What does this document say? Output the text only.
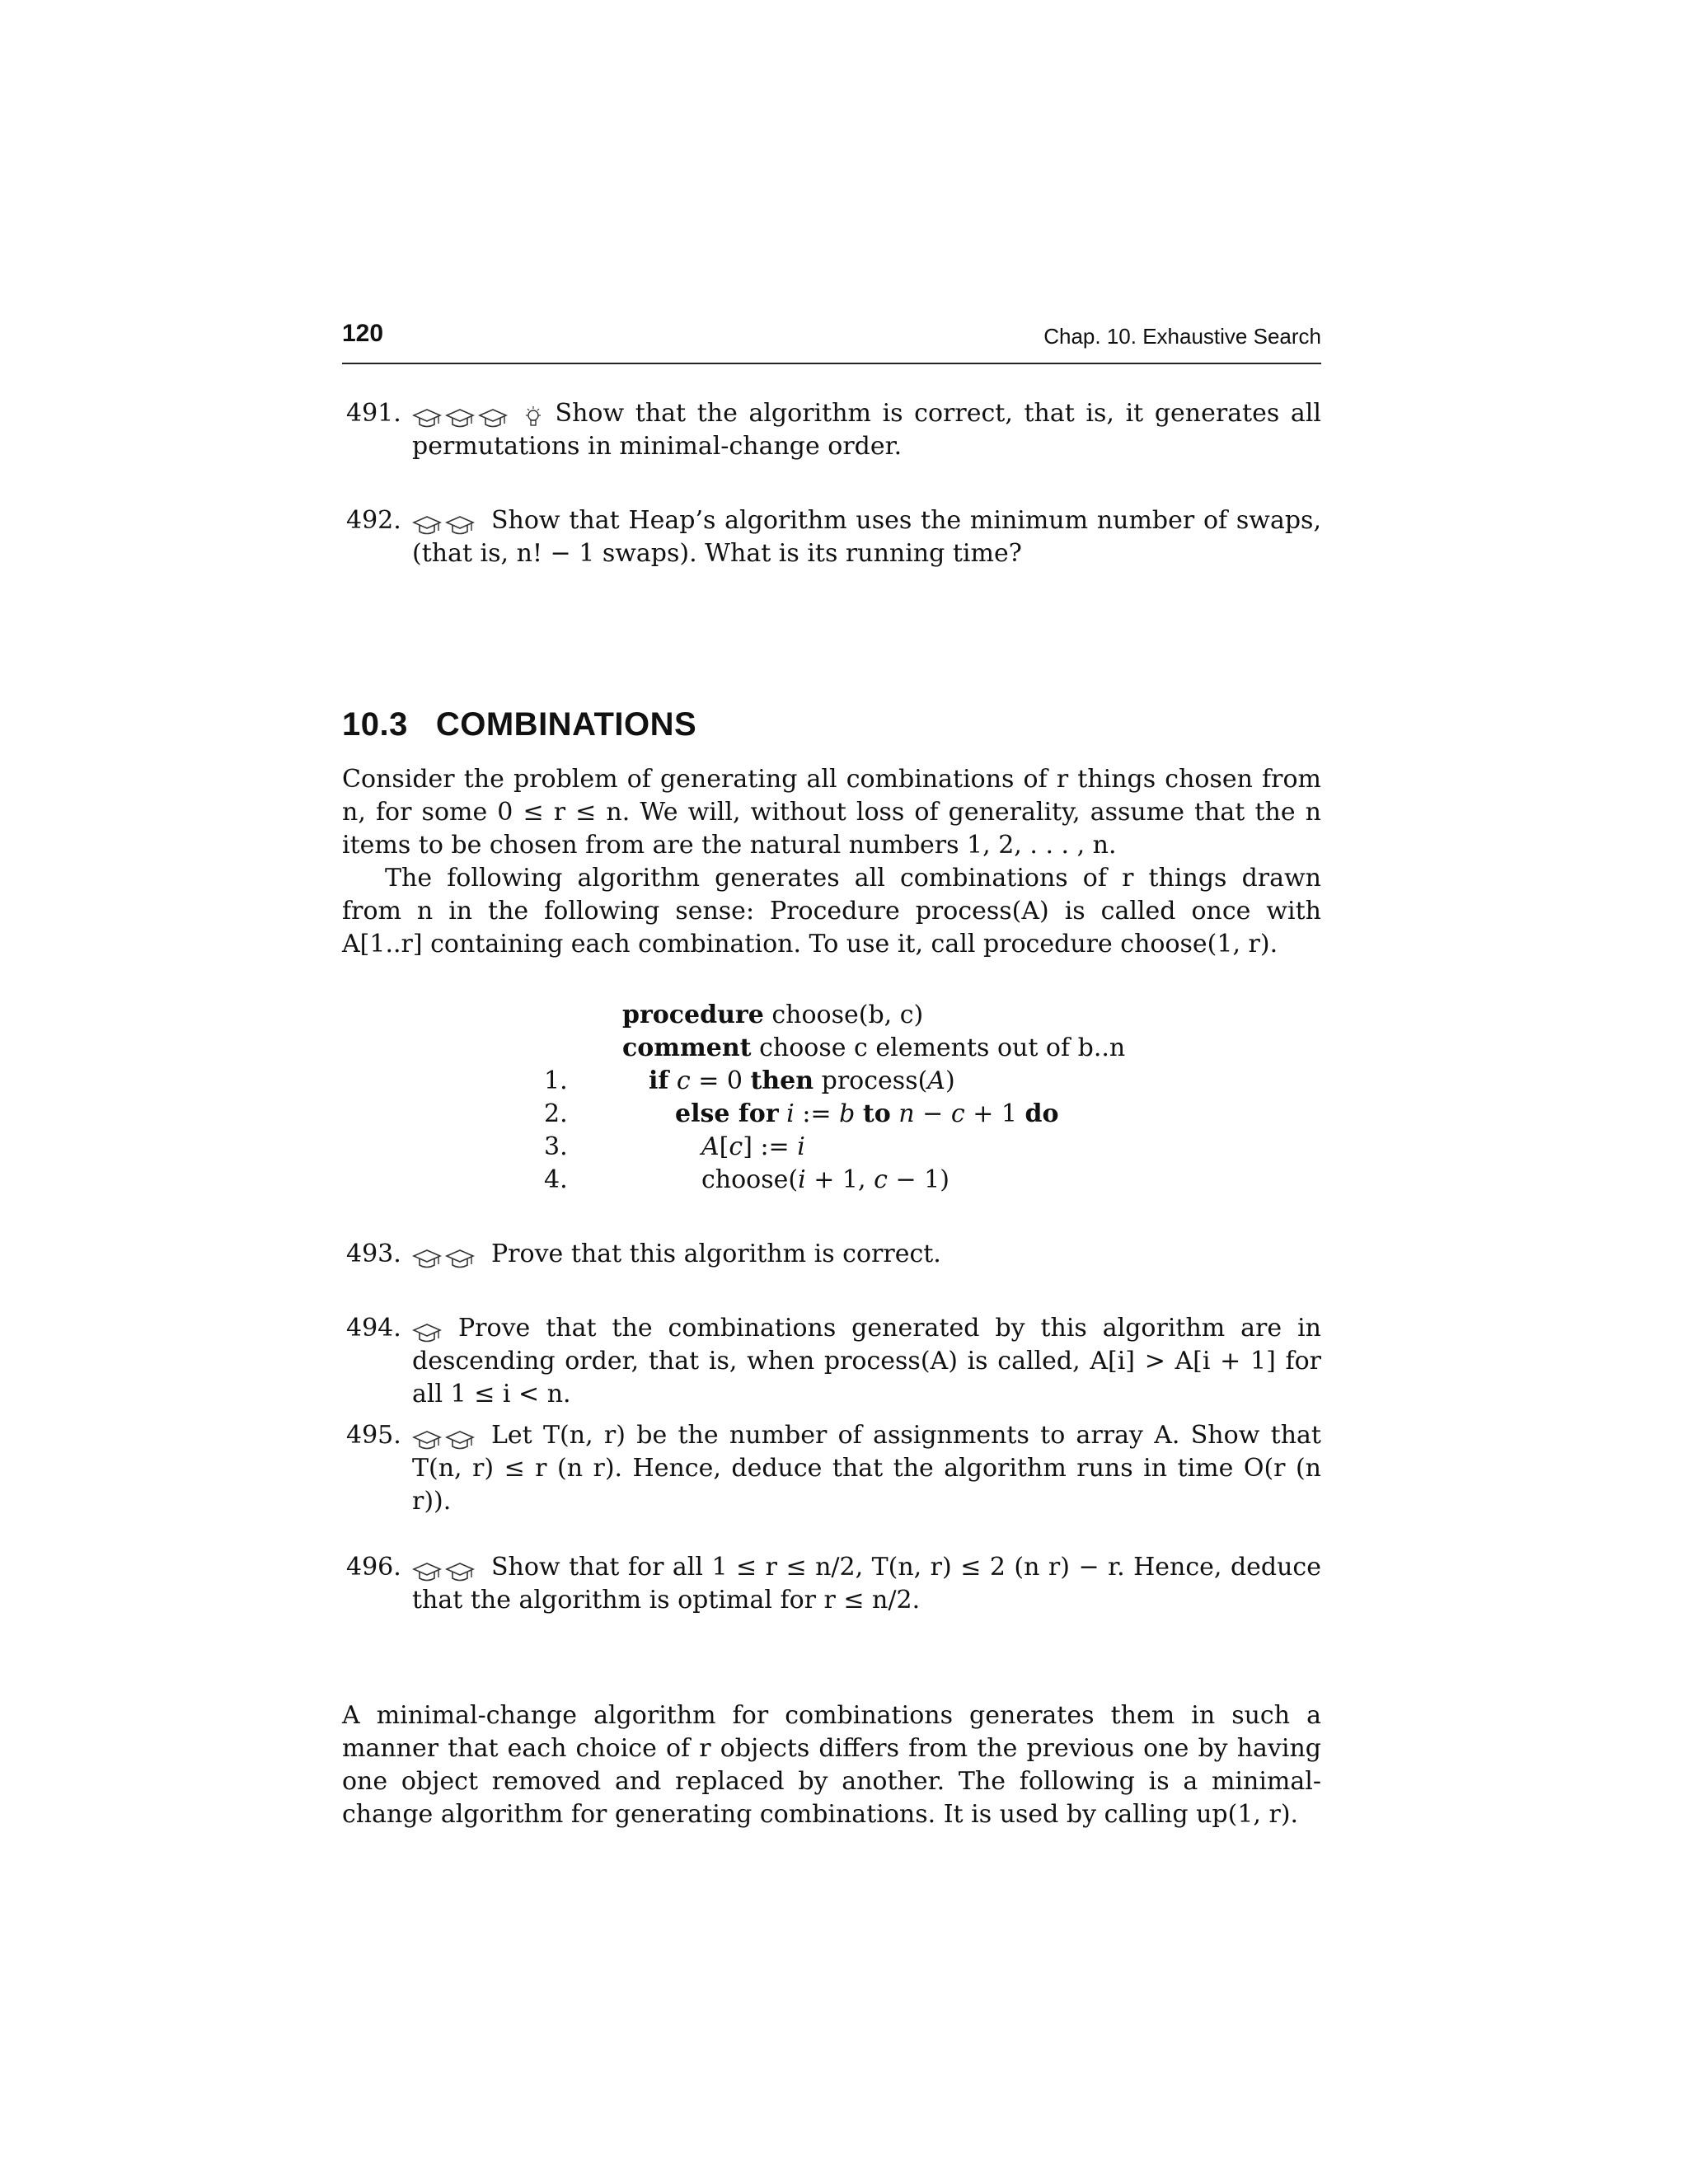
120	Chap. 10. Exhaustive Search
491.	Show that the algorithm is correct, that is, it generates all permutations in minimal-change order.
492.	Show that Heap’s algorithm uses the minimum number of swaps, (that is, n! − 1 swaps). What is its running time?
10.3 COMBINATIONS

Consider the problem of generating all combinations of r things chosen from n, for some 0 ≤ r ≤ n. We will, without loss of generality, assume that the n items to be chosen from are the natural numbers 1, 2, . . . , n.

The following algorithm generates all combinations of r things drawn from n in the following sense: Procedure process(A) is called once with A[1..r] containing each combination. To use it, call procedure choose(1, r).

procedure choose(b, c)
comment choose c elements out of b..n
1.	if c = 0 then process(A)
2.	else for i := b to n − c + 1 do
3.	A[c] := i
4.	choose(i + 1, c − 1)
493.	Prove that this algorithm is correct.
494.	Prove that the combinations generated by this algorithm are in descending order, that is, when process(A) is called, A[i] > A[i + 1] for all 1 ≤ i < n.
495.	Let T(n, r) be the number of assignments to array A. Show that T(n, r) ≤ r (n r). Hence, deduce that the algorithm runs in time O(r (n r)).
496.	Show that for all 1 ≤ r ≤ n/2, T(n, r) ≤ 2 (n r) − r. Hence, deduce that the algorithm is optimal for r ≤ n/2.

A minimal-change algorithm for combinations generates them in such a manner that each choice of r objects differs from the previous one by having one object removed and replaced by another. The following is a minimal-change algorithm for generating combinations. It is used by calling up(1, r).
